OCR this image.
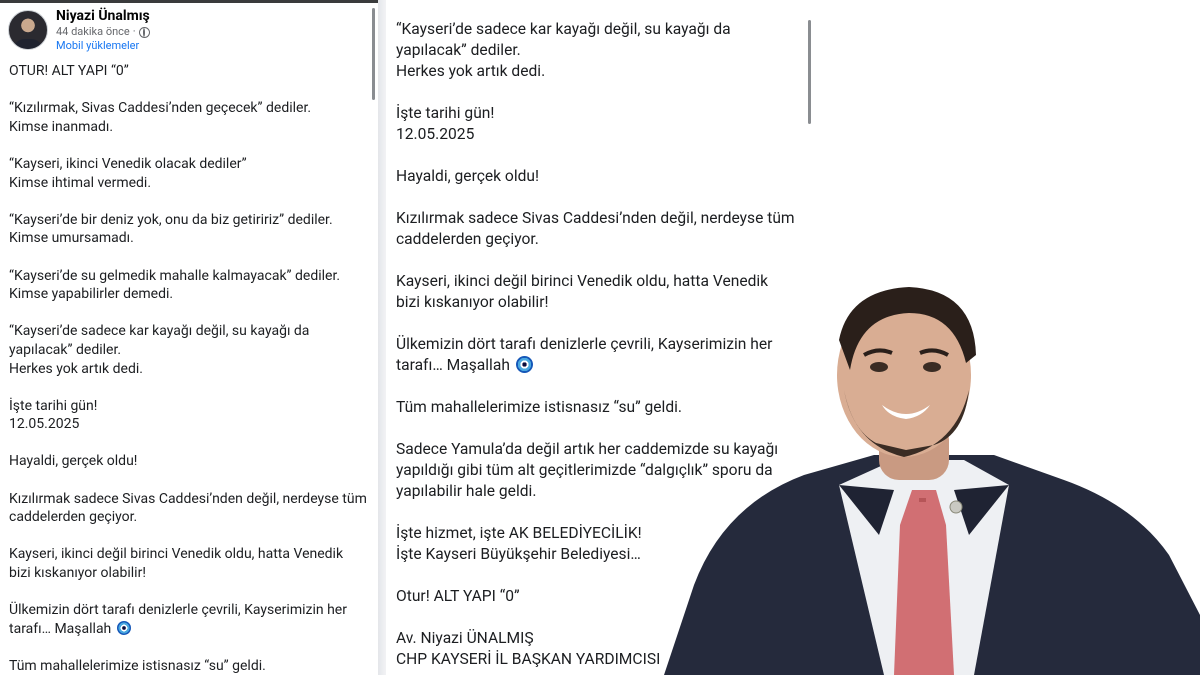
Niyazi Ünalmış
44 dakika önce ·
Mobil yüklemeler

OTUR! ALT YAPI “0”

“Kızılırmak, Sivas Caddesi’nden geçecek” dediler.
Kimse inanmadı.

“Kayseri, ikinci Venedik olacak dediler”
Kimse ihtimal vermedi.

“Kayseri’de bir deniz yok, onu da biz getiririz” dediler.
Kimse umursamadı.

“Kayseri’de su gelmedik mahalle kalmayacak” dediler.
Kimse yapabilirler demedi.

“Kayseri’de sadece kar kayağı değil, su kayağı da
yapılacak” dediler.
Herkes yok artık dedi.

İşte tarihi gün!
12.05.2025

Hayaldi, gerçek oldu!

Kızılırmak sadece Sivas Caddesi’nden değil, nerdeyse tüm
caddelerden geçiyor.

Kayseri, ikinci değil birinci Venedik oldu, hatta Venedik
bizi kıskanıyor olabilir!

Ülkemizin dört tarafı denizlerle çevrili, Kayserimizin her
tarafı… Maşallah

Tüm mahallelerimize istisnasız “su” geldi.

“Kayseri’de sadece kar kayağı değil, su kayağı da
yapılacak” dediler.
Herkes yok artık dedi.

İşte tarihi gün!
12.05.2025

Hayaldi, gerçek oldu!

Kızılırmak sadece Sivas Caddesi’nden değil, nerdeyse tüm
caddelerden geçiyor.

Kayseri, ikinci değil birinci Venedik oldu, hatta Venedik
bizi kıskanıyor olabilir!

Ülkemizin dört tarafı denizlerle çevrili, Kayserimizin her
tarafı… Maşallah

Tüm mahallelerimize istisnasız “su” geldi.

Sadece Yamula’da değil artık her caddemizde su kayağı
yapıldığı gibi tüm alt geçitlerimizde “dalgıçlık” sporu da
yapılabilir hale geldi.

İşte hizmet, işte AK BELEDİYECİLİK!
İşte Kayseri Büyükşehir Belediyesi…

Otur! ALT YAPI “0”

Av. Niyazi ÜNALMIŞ
CHP KAYSERİ İL BAŞKAN YARDIMCISI
